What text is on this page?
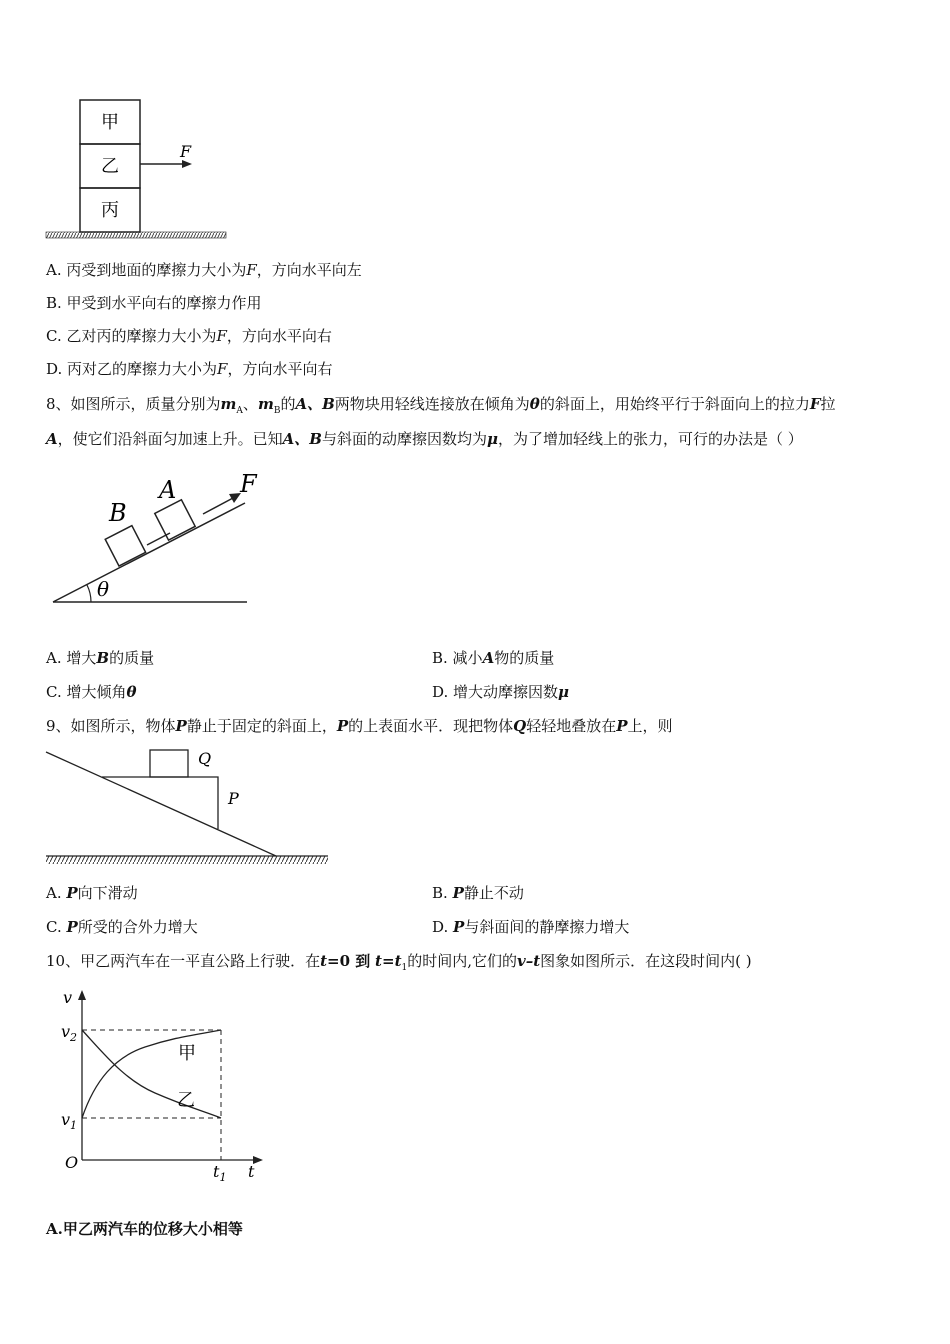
甲
乙
丙
F
A. 丙受到地面的摩擦力大小为F，方向水平向左
B. 甲受到水平向右的摩擦力作用
C. 乙对丙的摩擦力大小为F，方向水平向右
D. 丙对乙的摩擦力大小为F，方向水平向右
8、如图所示，质量分别为$m_A$、$m_B$的A、B两物块用轻线连接放在倾角为θ的斜面上，用始终平行于斜面向上的拉力F拉
A，使它们沿斜面匀加速上升。已知A、B与斜面的动摩擦因数均为μ，为了增加轻线上的张力，可行的办法是（ ）
θ
B
A	F
A. 增大B的质量	B. 减小A物的质量
C. 增大倾角θ	D. 增大动摩擦因数μ
9、如图所示，物体P静止于固定的斜面上，P的上表面水平．现把物体Q轻轻地叠放在P上，则
Q
P
A. P向下滑动	B. P静止不动
C. P所受的合外力增大	D. P与斜面间的静摩擦力增大
10、甲乙两汽车在一平直公路上行驶．在t=0 到 $t=t_1$的时间内,它们的v–t图象如图所示．在这段时间内( )
v
$v_2$
$v_1$
O	$t_1$ t
甲
乙
A.甲乙两汽车的位移大小相等
